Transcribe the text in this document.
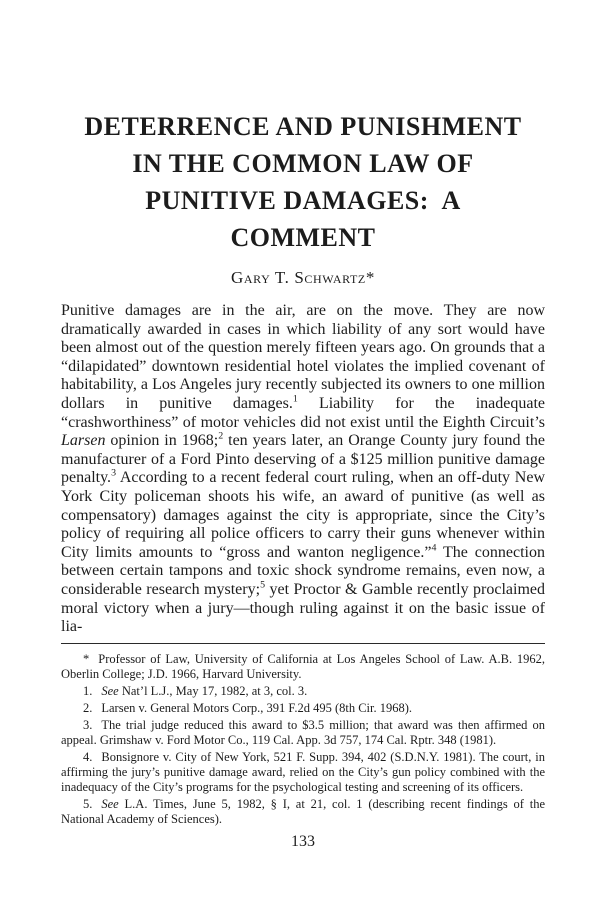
DETERRENCE AND PUNISHMENT
IN THE COMMON LAW OF
PUNITIVE DAMAGES:  A
COMMENT
Gary T. Schwartz*

Punitive damages are in the air, are on the move. They are now dramatically awarded in cases in which liability of any sort would have been almost out of the question merely fifteen years ago. On grounds that a “dilapidated” downtown residential hotel violates the implied covenant of habitability, a Los Angeles jury recently subjected its owners to one million dollars in punitive damages.$^1$ Liability for the inadequate “crashworthiness” of motor vehicles did not exist until the Eighth Circuit’s Larsen opinion in 1968;$^2$ ten years later, an Orange County jury found the manufacturer of a Ford Pinto deserving of a $125 million punitive damage penalty.$^3$ According to a recent federal court ruling, when an off-duty New York City policeman shoots his wife, an award of punitive (as well as compensatory) damages against the city is appropriate, since the City’s policy of requiring all police officers to carry their guns whenever within City limits amounts to “gross and wanton negligence.”$^4$ The connection between certain tampons and toxic shock syndrome remains, even now, a considerable research mystery;$^5$ yet Proctor & Gamble recently proclaimed moral victory when a jury—though ruling against it on the basic issue of lia-

* Professor of Law, University of California at Los Angeles School of Law. A.B. 1962, Oberlin College; J.D. 1966, Harvard University.

1. See Nat’l L.J., May 17, 1982, at 3, col. 3.

2. Larsen v. General Motors Corp., 391 F.2d 495 (8th Cir. 1968).

3. The trial judge reduced this award to $3.5 million; that award was then affirmed on appeal. Grimshaw v. Ford Motor Co., 119 Cal. App. 3d 757, 174 Cal. Rptr. 348 (1981).

4. Bonsignore v. City of New York, 521 F. Supp. 394, 402 (S.D.N.Y. 1981). The court, in affirming the jury’s punitive damage award, relied on the City’s gun policy combined with the inadequacy of the City’s programs for the psychological testing and screening of its officers.

5. See L.A. Times, June 5, 1982, § I, at 21, col. 1 (describing recent findings of the National Academy of Sciences).

133
